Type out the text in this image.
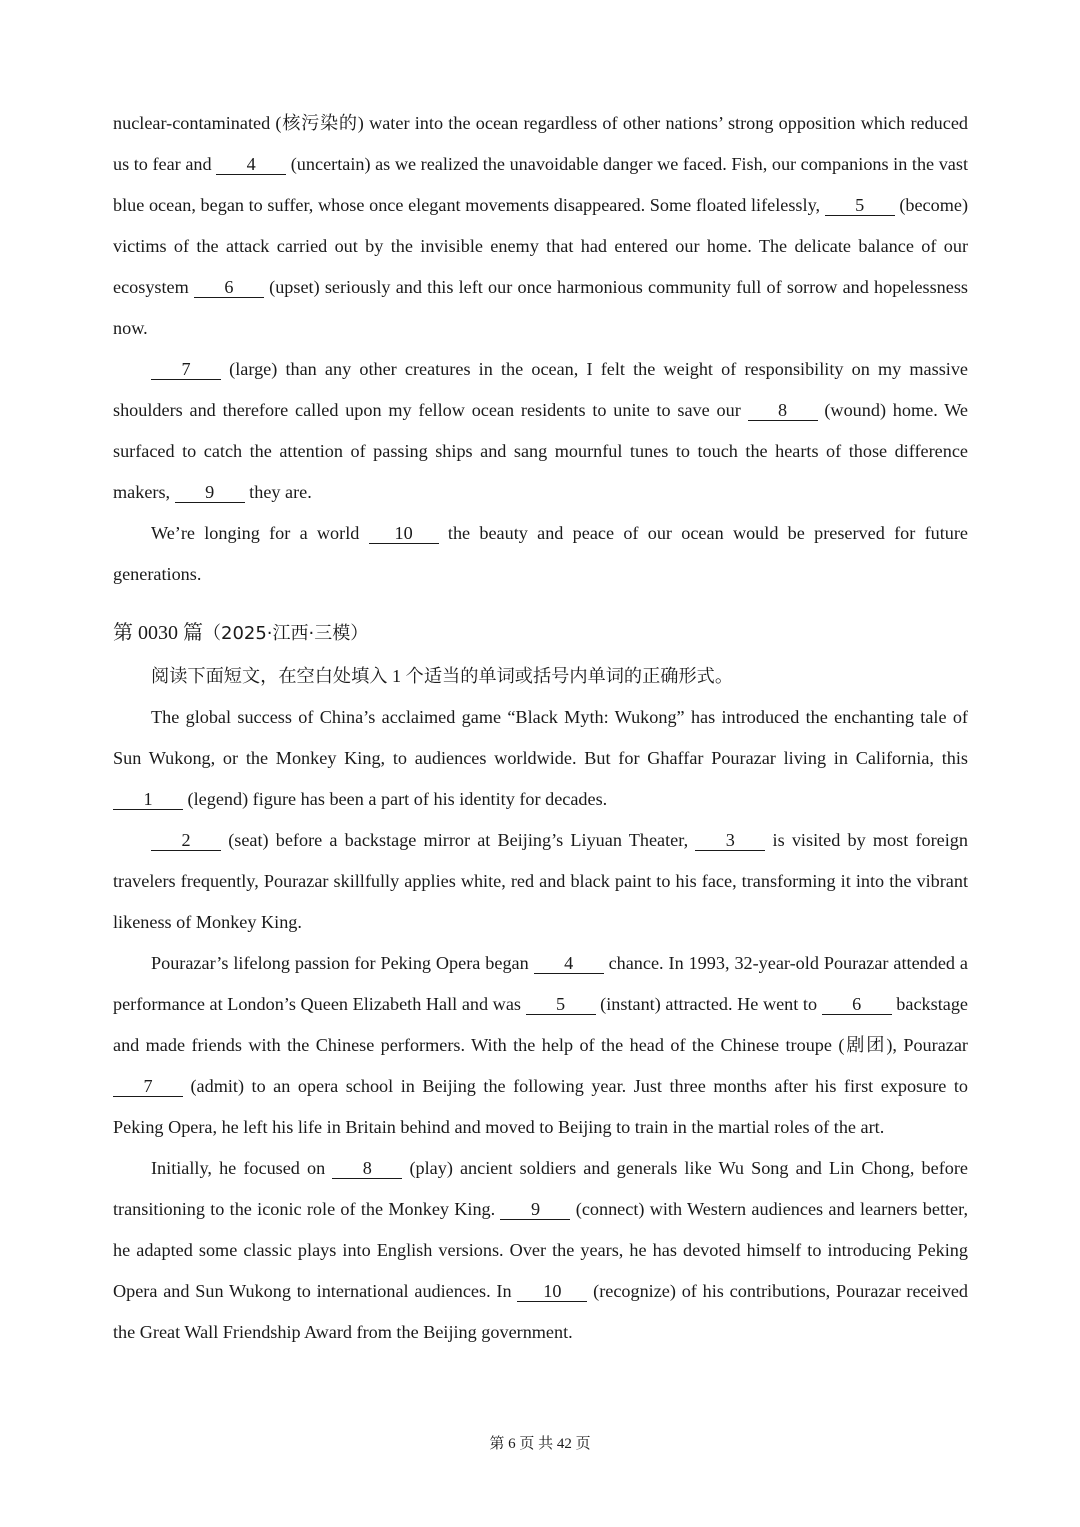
nuclear-contaminated (核污染的) water into the ocean regardless of other nations’ strong opposition which reduced us to fear and 4 (uncertain) as we realized the unavoidable danger we faced. Fish, our companions in the vast blue ocean, began to suffer, whose once elegant movements disappeared. Some floated lifelessly, 5 (become) victims of the attack carried out by the invisible enemy that had entered our home. The delicate balance of our ecosystem 6 (upset) seriously and this left our once harmonious community full of sorrow and hopelessness now.

7 (large) than any other creatures in the ocean, I felt the weight of responsibility on my massive shoulders and therefore called upon my fellow ocean residents to unite to save our 8 (wound) home. We surfaced to catch the attention of passing ships and sang mournful tunes to touch the hearts of those difference makers, 9 they are.

We’re longing for a world 10 the beauty and peace of our ocean would be preserved for future generations.

第 0030 篇（2025·江西·三模）

阅读下面短文，在空白处填入 1 个适当的单词或括号内单词的正确形式。

The global success of China’s acclaimed game “Black Myth: Wukong” has introduced the enchanting tale of Sun Wukong, or the Monkey King, to audiences worldwide. But for Ghaffar Pourazar living in California, this 1 (legend) figure has been a part of his identity for decades.

2 (seat) before a backstage mirror at Beijing’s Liyuan Theater, 3 is visited by most foreign travelers frequently, Pourazar skillfully applies white, red and black paint to his face, transforming it into the vibrant likeness of Monkey King.

Pourazar’s lifelong passion for Peking Opera began 4 chance. In 1993, 32-year-old Pourazar attended a performance at London’s Queen Elizabeth Hall and was 5 (instant) attracted. He went to 6 backstage and made friends with the Chinese performers. With the help of the head of the Chinese troupe (剧团), Pourazar 7 (admit) to an opera school in Beijing the following year. Just three months after his first exposure to Peking Opera, he left his life in Britain behind and moved to Beijing to train in the martial roles of the art.

Initially, he focused on 8 (play) ancient soldiers and generals like Wu Song and Lin Chong, before transitioning to the iconic role of the Monkey King. 9 (connect) with Western audiences and learners better, he adapted some classic plays into English versions. Over the years, he has devoted himself to introducing Peking Opera and Sun Wukong to international audiences. In 10 (recognize) of his contributions, Pourazar received the Great Wall Friendship Award from the Beijing government.

第 6 页 共 42 页
